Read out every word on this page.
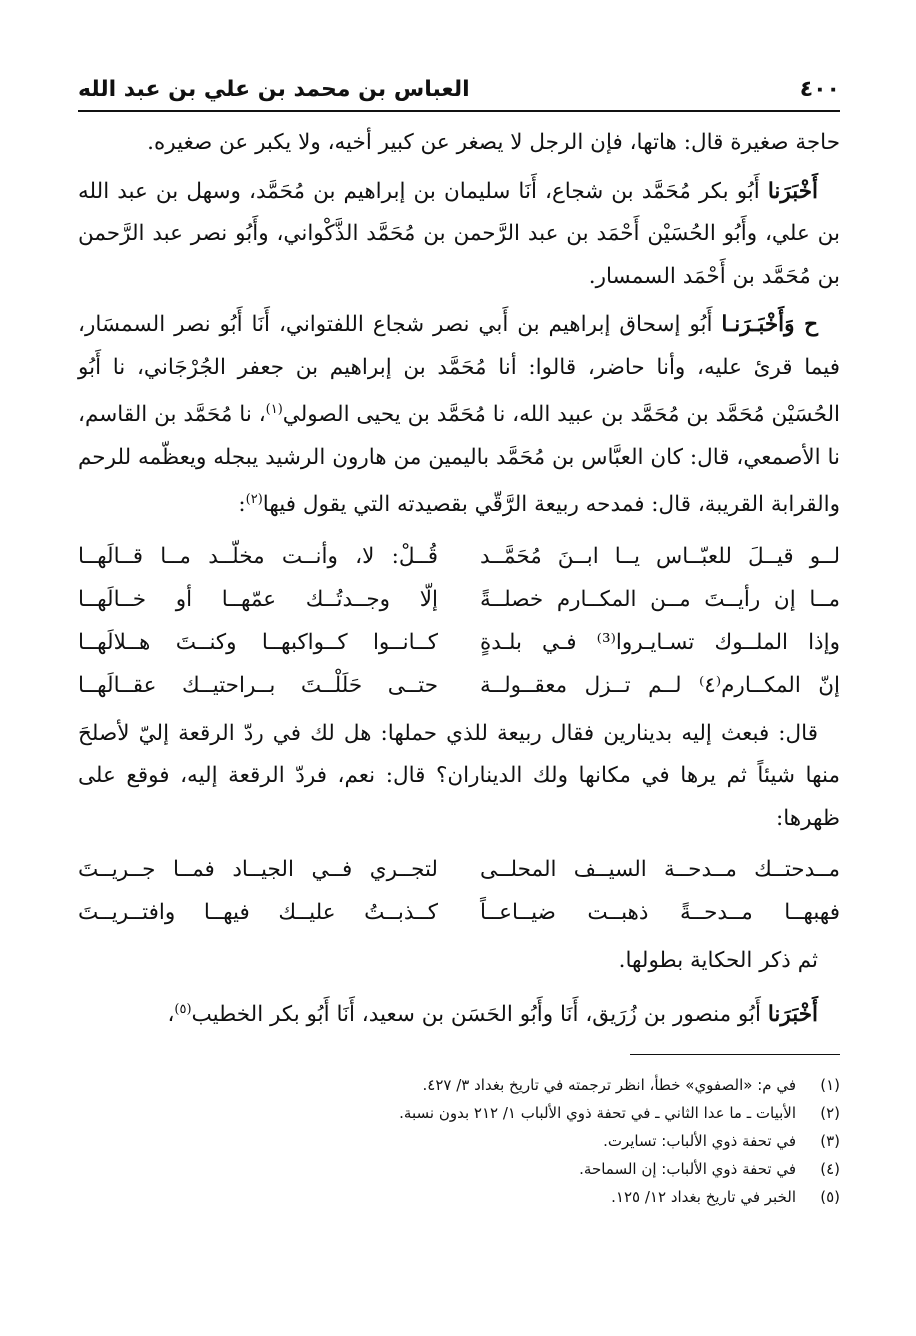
٤٠٠
العباس بن محمد بن علي بن عبد الله

حاجة صغيرة قال: هاتها، فإن الرجل لا يصغر عن كبير أخيه، ولا يكبر عن صغيره.

أَخْبَرَنا أَبُو بكر مُحَمَّد بن شجاع، أَنَا سليمان بن إبراهيم بن مُحَمَّد، وسهل بن عبد الله بن علي، وأَبُو الحُسَيْن أَحْمَد بن عبد الرَّحمن بن مُحَمَّد الذَّكْواني، وأَبُو نصر عبد الرَّحمن بن مُحَمَّد بن أَحْمَد السمسار.

ح وَأَخْبَـرَنـا أَبُو إسحاق إبراهيم بن أَبي نصر شجاع اللفتواني، أَنَا أَبُو نصر السمسَار، فيما قرئ عليه، وأنا حاضر، قالوا: أنا مُحَمَّد بن إبراهيم بن جعفر الجُرْجَاني، نا أَبُو الحُسَيْن مُحَمَّد بن مُحَمَّد بن عبيد الله، نا مُحَمَّد بن يحيى الصولي$^{(١)}$، نا مُحَمَّد بن القاسم، نا الأصمعي، قال: كان العبَّاس بن مُحَمَّد باليمين من هارون الرشيد يبجله ويعظّمه للرحم والقرابة القريبة، قال: فمدحه ربيعة الرَّقّي بقصيدته التي يقول فيها$^{(٢)}$:

لــو قيــلَ للعبّــاس يــا ابــنَ مُحَمَّــد
قُــلْ: لا، وأنــت مخلّــد مــا قــالَهــا
مــا إن رأيــتَ مــن المكــارم خصلــةً
إلّا وجــدتُــك عمّهــا أو خــالَهــا
وإذا الملــوك تسـايـروا⁽³⁾ فـي بلـدةٍ
كــانــوا كــواكبهــا وكنــتَ هــلالَهــا
إنّ المكــارم⁽٤⁾ لــم تــزل معقــولــة
حتــى حَلَلْــتَ بــراحتيــك عقــالَهــا

قال: فبعث إليه بدينارين فقال ربيعة للذي حملها: هل لك في ردّ الرقعة إليّ لأصلحَ منها شيئاً ثم يرها في مكانها ولك الديناران؟ قال: نعم، فردّ الرقعة إليه، فوقع على ظهرها:

مــدحتــك مــدحــة السيــف المحلــى
لتجــري فــي الجيــاد فمــا جــريــتَ
فهبهــا مــدحــةً ذهبــت ضيــاعــاً
كــذبــتُ عليــك فيهــا وافتــريــتَ

ثم ذكر الحكاية بطولها.

أَخْبَرَنا أَبُو منصور بن زُرَيق، أَنَا وأَبُو الحَسَن بن سعيد، أَنَا أَبُو بكر الخطيب$^{(٥)}$،

(١)
في م: «الصفوي» خطأ، انظر ترجمته في تاريخ بغداد ٣/ ٤٢٧.
(٢)
الأبيات ـ ما عدا الثاني ـ في تحفة ذوي الألباب ١/ ٢١٢ بدون نسبة.
(٣)
في تحفة ذوي الألباب: تسايرت.
(٤)
في تحفة ذوي الألباب: إن السماحة.
(٥)
الخبر في تاريخ بغداد ١٢/ ١٢٥.
